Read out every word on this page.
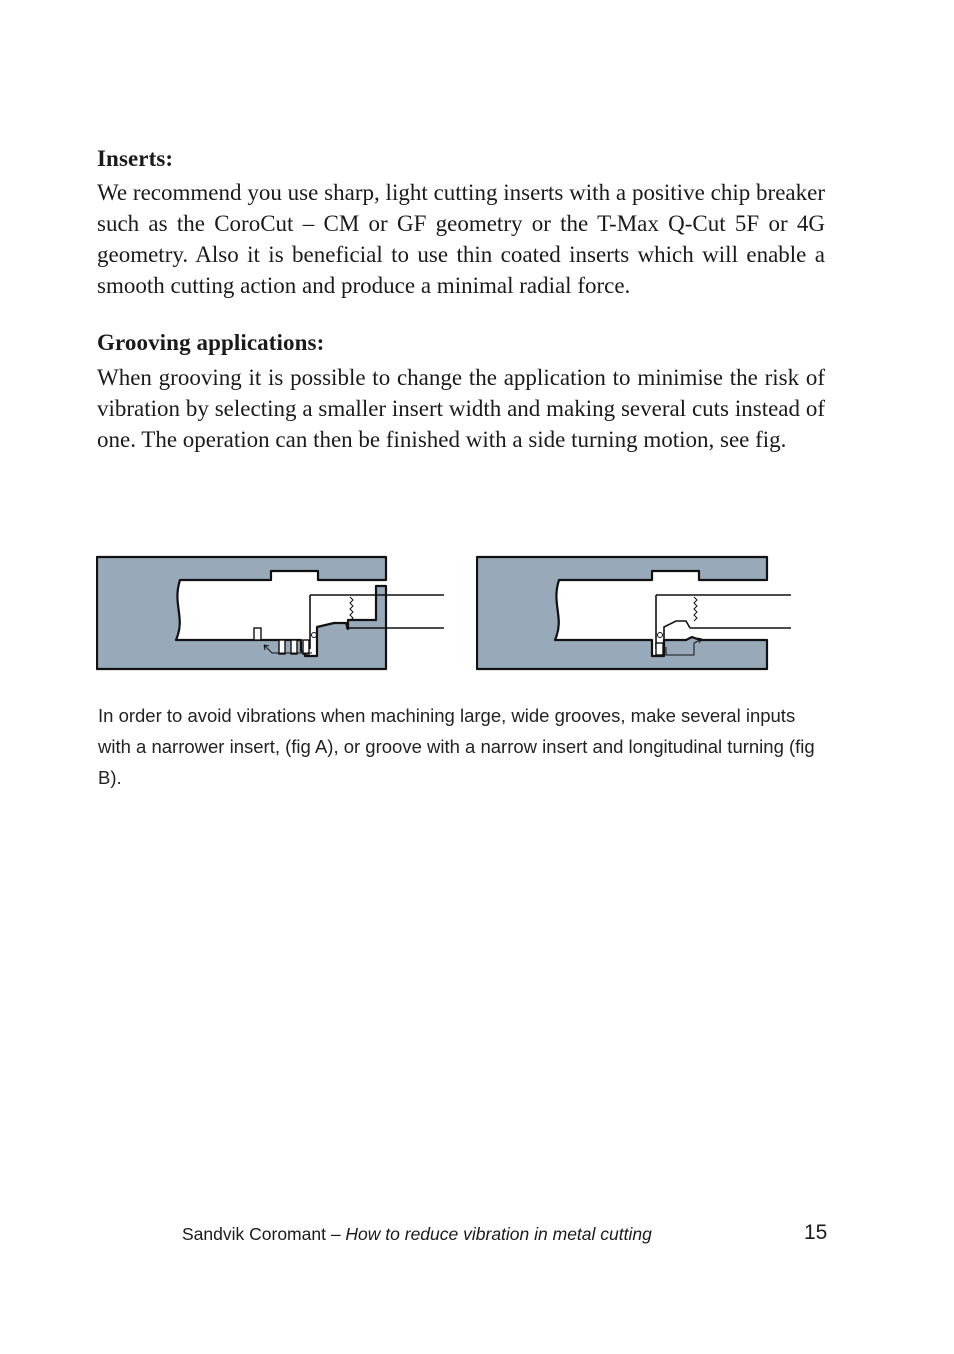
Inserts:

We recommend you use sharp, light cutting inserts with a positive chip breaker such as the CoroCut – CM or GF geometry or the T-Max Q-Cut 5F or 4G geometry. Also it is beneficial to use thin coated inserts which will enable a smooth cutting action and produce a minimal radial force.

Grooving applications:

When grooving it is possible to change the application to minimise the risk of vibration by selecting a smaller insert width and making several cuts instead of one. The operation can then be finished with a side turning motion, see fig.

In order to avoid vibrations when machining large, wide grooves, make several inputs with a narrower insert, (fig A), or groove with a narrow insert and longitudinal turning (fig B).

Sandvik Coromant – How to reduce vibration in metal cutting	15
